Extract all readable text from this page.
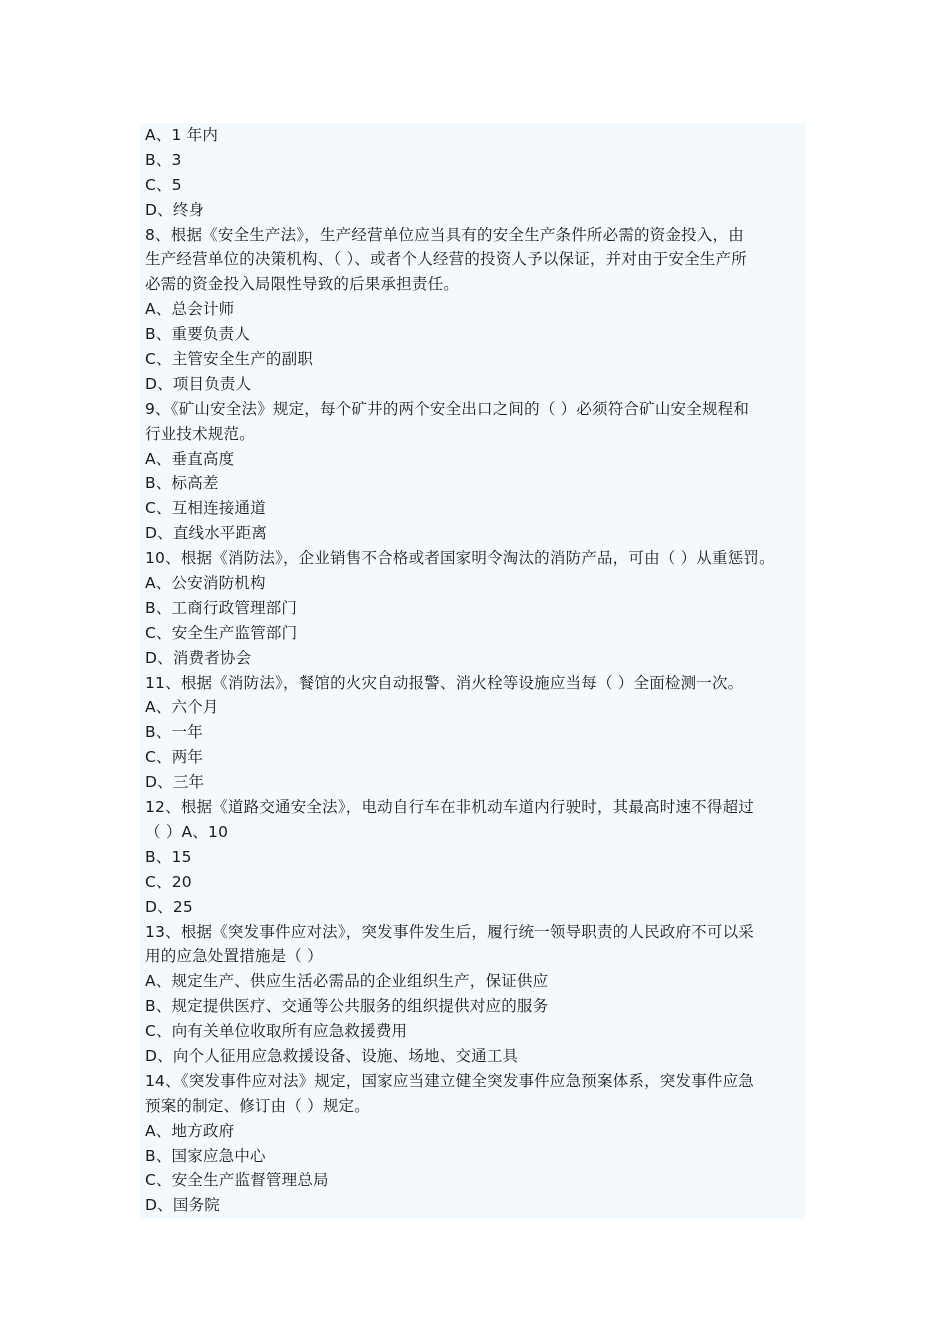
A、1 年内
B、3
C、5
D、终身
8、根据《安全生产法》，生产经营单位应当具有的安全生产条件所必需的资金投入，由
生产经营单位的决策机构、（ ）、或者个人经营的投资人予以保证，并对由于安全生产所
必需的资金投入局限性导致的后果承担责任。
A、总会计师
B、重要负责人
C、主管安全生产的副职
D、项目负责人
9、《矿山安全法》规定，每个矿井的两个安全出口之间的（ ）必须符合矿山安全规程和
行业技术规范。
A、垂直高度
B、标高差
C、互相连接通道
D、直线水平距离
10、根据《消防法》，企业销售不合格或者国家明令淘汰的消防产品，可由（ ）从重惩罚。
A、公安消防机构
B、工商行政管理部门
C、安全生产监管部门
D、消费者协会
11、根据《消防法》，餐馆的火灾自动报警、消火栓等设施应当每（ ）全面检测一次。
A、六个月
B、一年
C、两年
D、三年
12、根据《道路交通安全法》，电动自行车在非机动车道内行驶时，其最高时速不得超过
（ ）A、10
B、15
C、20
D、25
13、根据《突发事件应对法》，突发事件发生后，履行统一领导职责的人民政府不可以采
用的应急处置措施是（ ）
A、规定生产、供应生活必需品的企业组织生产，保证供应
B、规定提供医疗、交通等公共服务的组织提供对应的服务
C、向有关单位收取所有应急救援费用
D、向个人征用应急救援设备、设施、场地、交通工具
14、《突发事件应对法》规定，国家应当建立健全突发事件应急预案体系，突发事件应急
预案的制定、修订由（ ）规定。
A、地方政府
B、国家应急中心
C、安全生产监督管理总局
D、国务院
